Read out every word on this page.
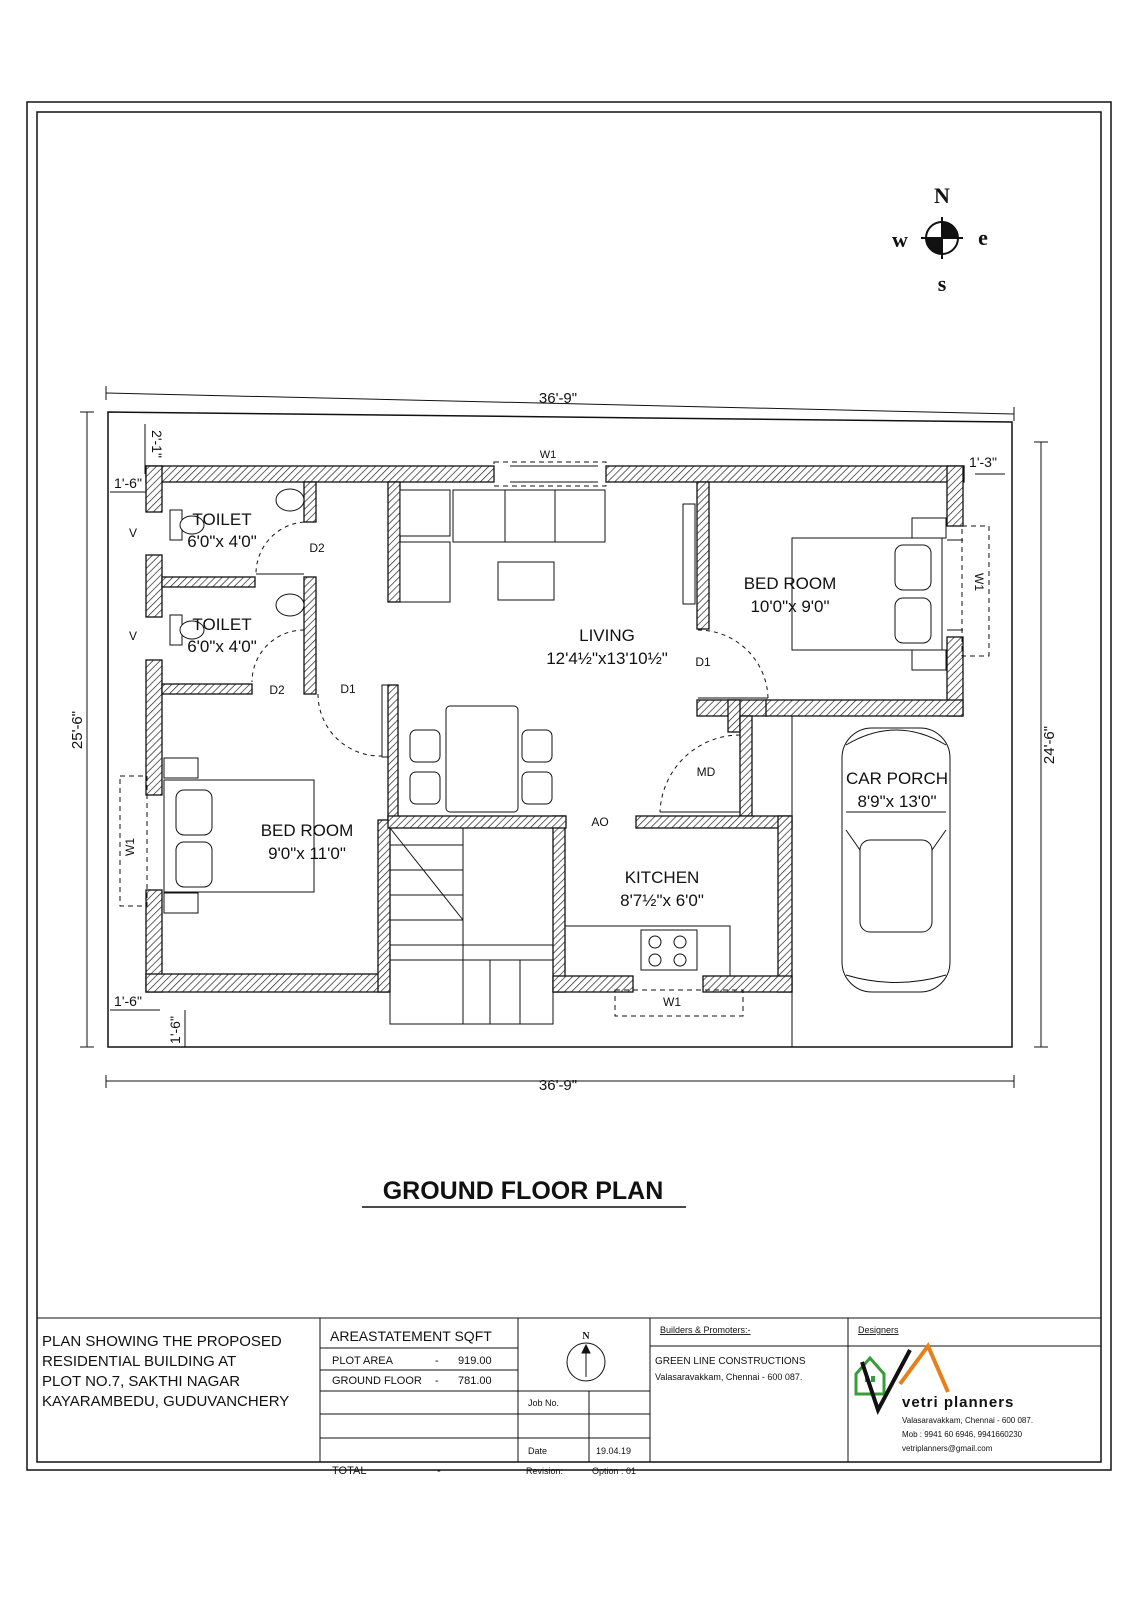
N
s
e
w
36'-9"
36'-9"
25'-6"	24'-6"
2'-1"
1'-6"
1'-6"
1'-6"
1'-3"
W1
W1
W1
W1
V
V
D2
D2	D1
D1
MD
AO
TOILET
6'0"x 4'0"
TOILET
6'0"x 4'0"
LIVING
12'4½"x13'10½"
BED ROOM
10'0"x 9'0"
BED ROOM
9'0"x 11'0"
KITCHEN
8'7½"x 6'0"
CAR PORCH
8'9"x 13'0"
GROUND FLOOR PLAN
PLAN SHOWING THE PROPOSED
RESIDENTIAL BUILDING AT
PLOT NO.7, SAKTHI NAGAR
KAYARAMBEDU, GUDUVANCHERY
AREASTATEMENT SQFT
PLOT AREA	- 919.00
GROUND FLOOR - 781.00
TOTAL	-
N
Job No.
Date	19.04.19
Revision:	Option : 01
Builders & Promoters:-
GREEN LINE CONSTRUCTIONS
Valasaravakkam, Chennai - 600 087.
Designers
vetri planners
Valasaravakkam, Chennai - 600 087.
Mob : 9941 60 6946, 9941660230
vetriplanners@gmail.com
